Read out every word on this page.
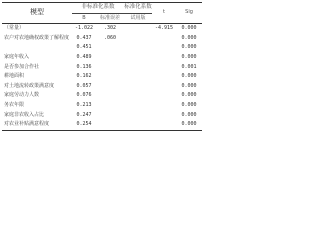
模型	非标准化系数		标准化系数	t	Sig
	B	标准误差	试用版		
（常量）	-1.022	.302		-4.915	0.000
农户对农地确权政策了解程度	0.437	.060			0.000
	0.451				0.000
家庭年收入	0.489				0.000
是否参加合作社	0.136				0.001
耕地面积	0.162				0.000
对土地流转政策满意度	0.057				0.000
家庭劳动力人数	0.076				0.000
务农年限	0.213				0.000
家庭非农收入占比	0.247				0.000
对农业补贴满意程度	0.254				0.000
